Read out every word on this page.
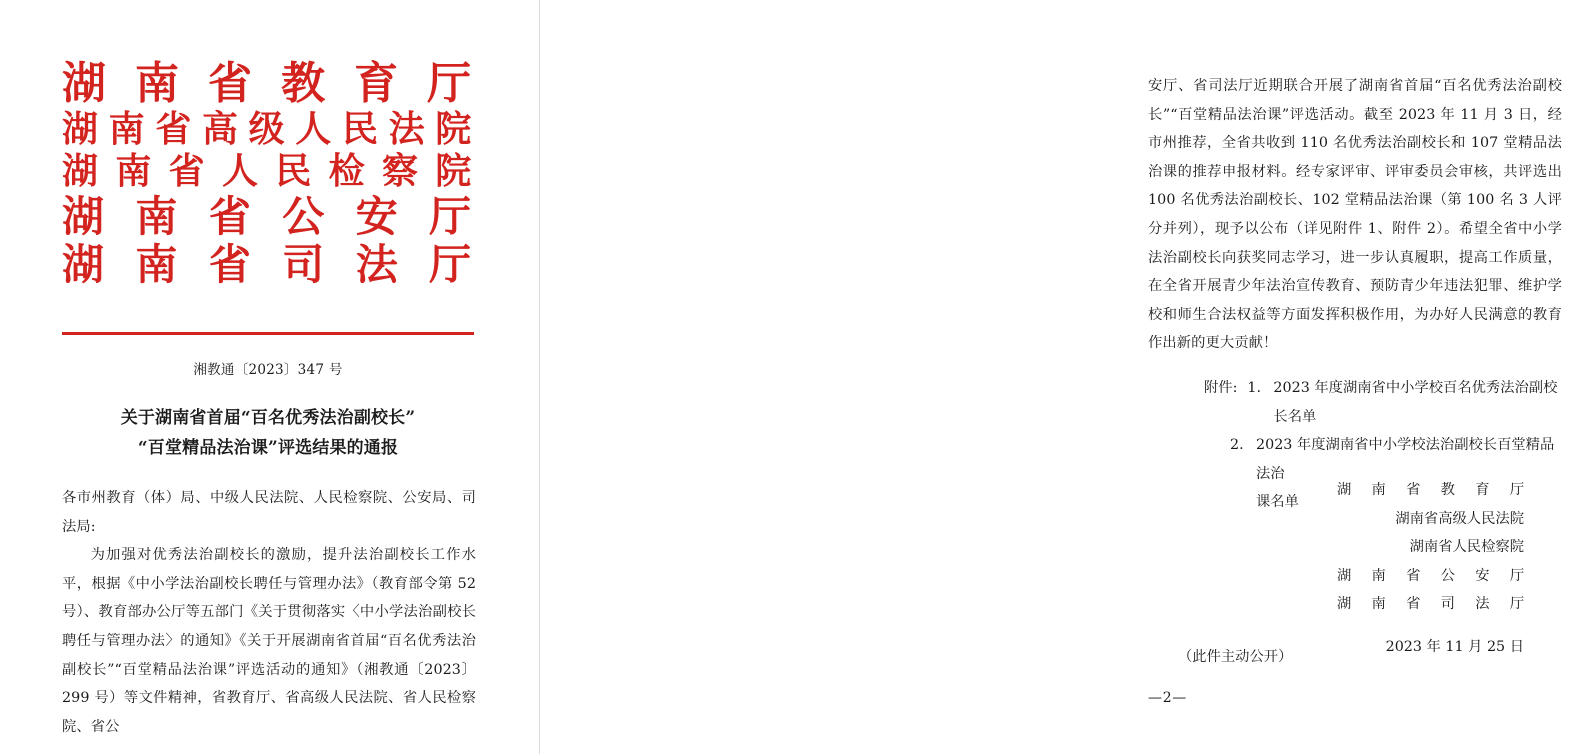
湖南省教育厅
湖南省高级人民法院
湖南省人民检察院
湖南省公安厅
湖南省司法厅
湘教通〔2023〕347 号
关于湖南省首届“百名优秀法治副校长”
“百堂精品法治课”评选结果的通报

各市州教育（体）局、中级人民法院、人民检察院、公安局、司法局:

为加强对优秀法治副校长的激励，提升法治副校长工作水平，根据《中小学法治副校长聘任与管理办法》（教育部令第 52 号）、教育部办公厅等五部门《关于贯彻落实〈中小学法治副校长聘任与管理办法〉的通知》《关于开展湖南省首届“百名优秀法治副校长”“百堂精品法治课”评选活动的通知》（湘教通〔2023〕299 号）等文件精神，省教育厅、省高级人民法院、省人民检察院、省公

安厅、省司法厅近期联合开展了湖南省首届“百名优秀法治副校长”“百堂精品法治课”评选活动。截至 2023 年 11 月 3 日，经市州推荐，全省共收到 110 名优秀法治副校长和 107 堂精品法治课的推荐申报材料。经专家评审、评审委员会审核，共评选出 100 名优秀法治副校长、102 堂精品法治课（第 100 名 3 人评分并列），现予以公布（详见附件 1、附件 2）。希望全省中小学法治副校长向获奖同志学习，进一步认真履职，提高工作质量，在全省开展青少年法治宣传教育、预防青少年违法犯罪、维护学校和师生合法权益等方面发挥积极作用，为办好人民满意的教育作出新的更大贡献！

附件: 1. 2023 年度湖南省中小学校百名优秀法治副校长名单
2. 2023 年度湖南省中小学校法治副校长百堂精品法治
课名单
湖 南 省 教 育 厅
湖南省高级人民法院
湖南省人民检察院
湖 南 省 公 安 厅
湖 南 省 司 法 厅
2023 年 11 月 25 日
（此件主动公开）
—2—
